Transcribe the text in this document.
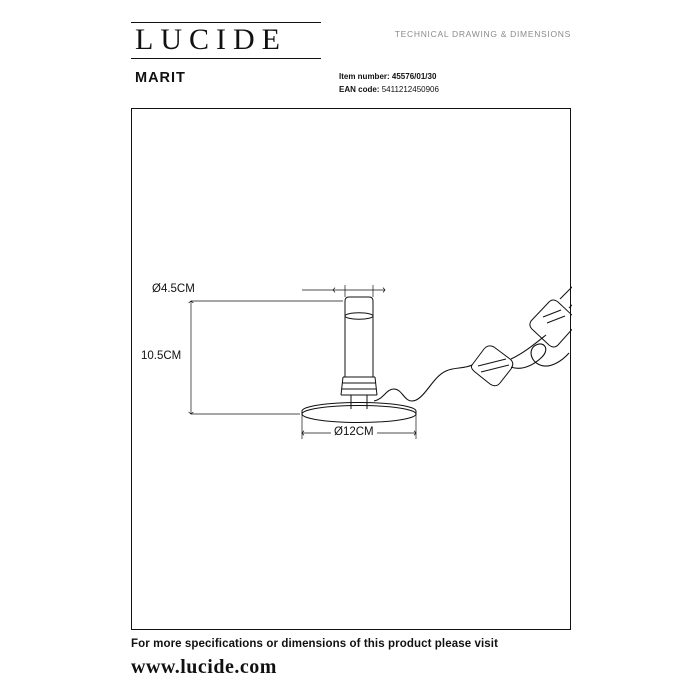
LUCIDE	TECHNICAL DRAWING & DIMENSIONS
MARIT	Item number: 45576/01/30
EAN code: 5411212450906
Ø4.5CM
10.5CM
Ø12CM
For more specifications or dimensions of this product please visit
www.lucide.com
